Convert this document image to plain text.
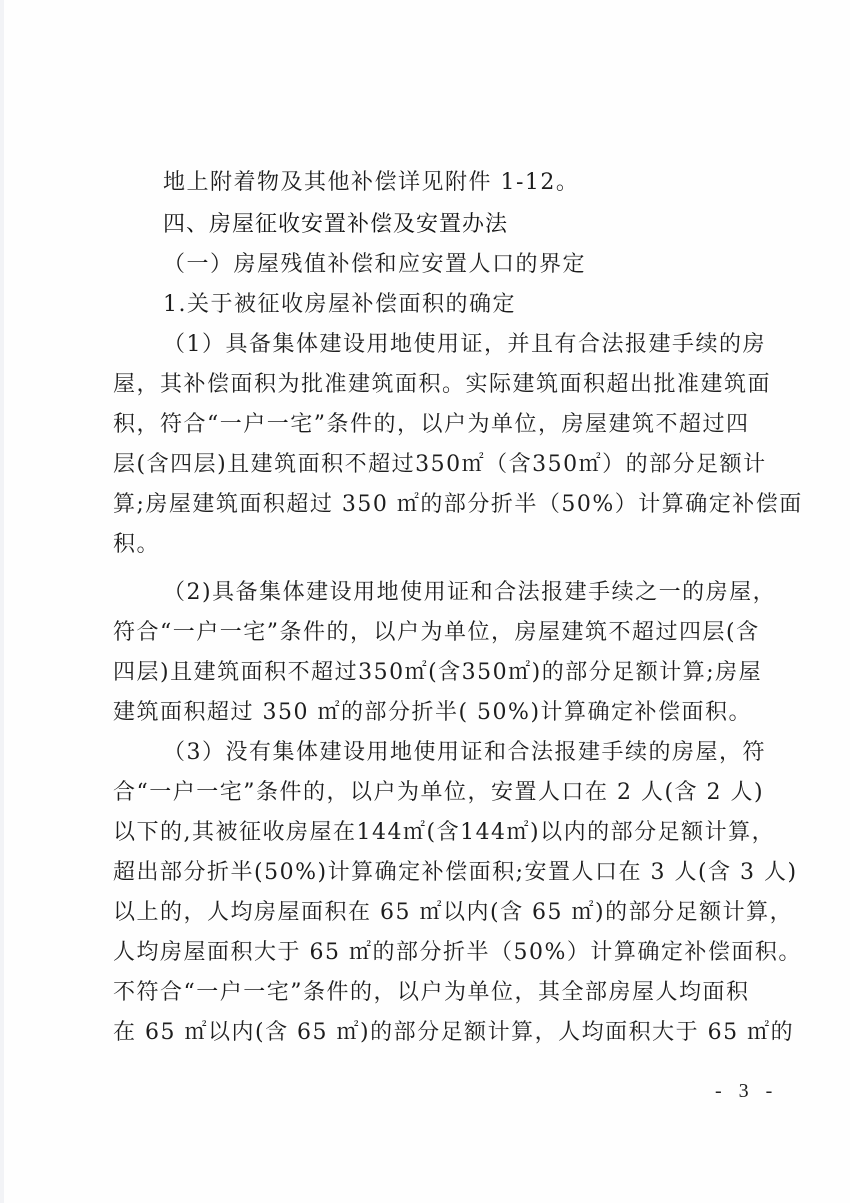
地上附着物及其他补偿详见附件 1-12。
四、房屋征收安置补偿及安置办法
（一）房屋残值补偿和应安置人口的界定
1.关于被征收房屋补偿面积的确定
（1）具备集体建设用地使用证，并且有合法报建手续的房
屋，其补偿面积为批准建筑面积。实际建筑面积超出批准建筑面
积，符合“一户一宅”条件的，以户为单位，房屋建筑不超过四
层(含四层)且建筑面积不超过350㎡（含350㎡）的部分足额计
算;房屋建筑面积超过 350 ㎡的部分折半（50%）计算确定补偿面
积。
（2)具备集体建设用地使用证和合法报建手续之一的房屋，
符合“一户一宅”条件的，以户为单位，房屋建筑不超过四层(含
四层)且建筑面积不超过350㎡(含350㎡)的部分足额计算;房屋
建筑面积超过 350 ㎡的部分折半( 50%)计算确定补偿面积。
（3）没有集体建设用地使用证和合法报建手续的房屋，符
合“一户一宅”条件的，以户为单位，安置人口在 2 人(含 2 人)
以下的,其被征收房屋在144㎡(含144㎡)以内的部分足额计算，
超出部分折半(50%)计算确定补偿面积;安置人口在 3 人(含 3 人)
以上的，人均房屋面积在 65 ㎡以内(含 65 ㎡)的部分足额计算，
人均房屋面积大于 65 ㎡的部分折半（50%）计算确定补偿面积。
不符合“一户一宅”条件的，以户为单位，其全部房屋人均面积
在 65 ㎡以内(含 65 ㎡)的部分足额计算，人均面积大于 65 ㎡的
- 3 -
